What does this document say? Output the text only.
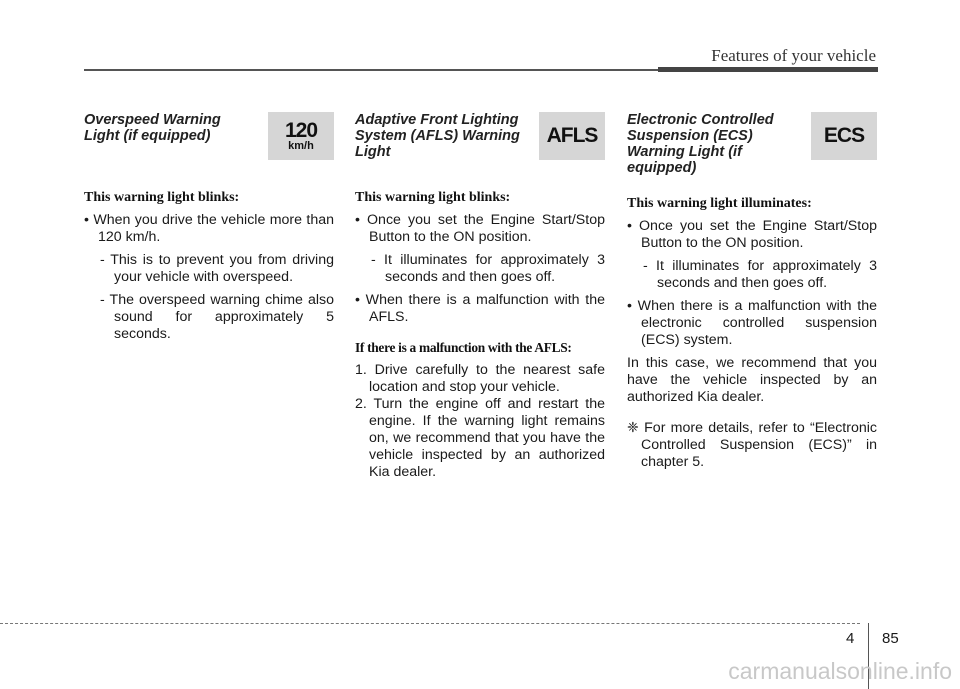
Features of your vehicle
Overspeed Warning Light (if equipped)	120
km/h

This warning light blinks:

• When you drive the vehicle more than 120 km/h.

- This is to prevent you from driving your vehicle with overspeed.

- The overspeed warning chime also sound for approximately 5 seconds.

Adaptive Front Lighting System (AFLS) Warning Light
AFLS

This warning light blinks:

• Once you set the Engine Start/Stop Button to the ON position.

- It illuminates for approximately 3 seconds and then goes off.

• When there is a malfunction with the AFLS.

If there is a malfunction with the AFLS:

1. Drive carefully to the nearest safe location and stop your vehicle.

2. Turn the engine off and restart the engine. If the warning light remains on, we recommend that you have the vehicle inspected by an authorized Kia dealer.

Electronic Controlled Suspension (ECS) Warning Light (if equipped)
ECS

This warning light illuminates:

• Once you set the Engine Start/Stop Button to the ON position.

- It illuminates for approximately 3 seconds and then goes off.

• When there is a malfunction with the electronic controlled suspension (ECS) system.

In this case, we recommend that you have the vehicle inspected by an authorized Kia dealer.

❈ For more details, refer to “Electronic Controlled Suspension (ECS)” in chapter 5.

4 85
carmanualsonline.info
